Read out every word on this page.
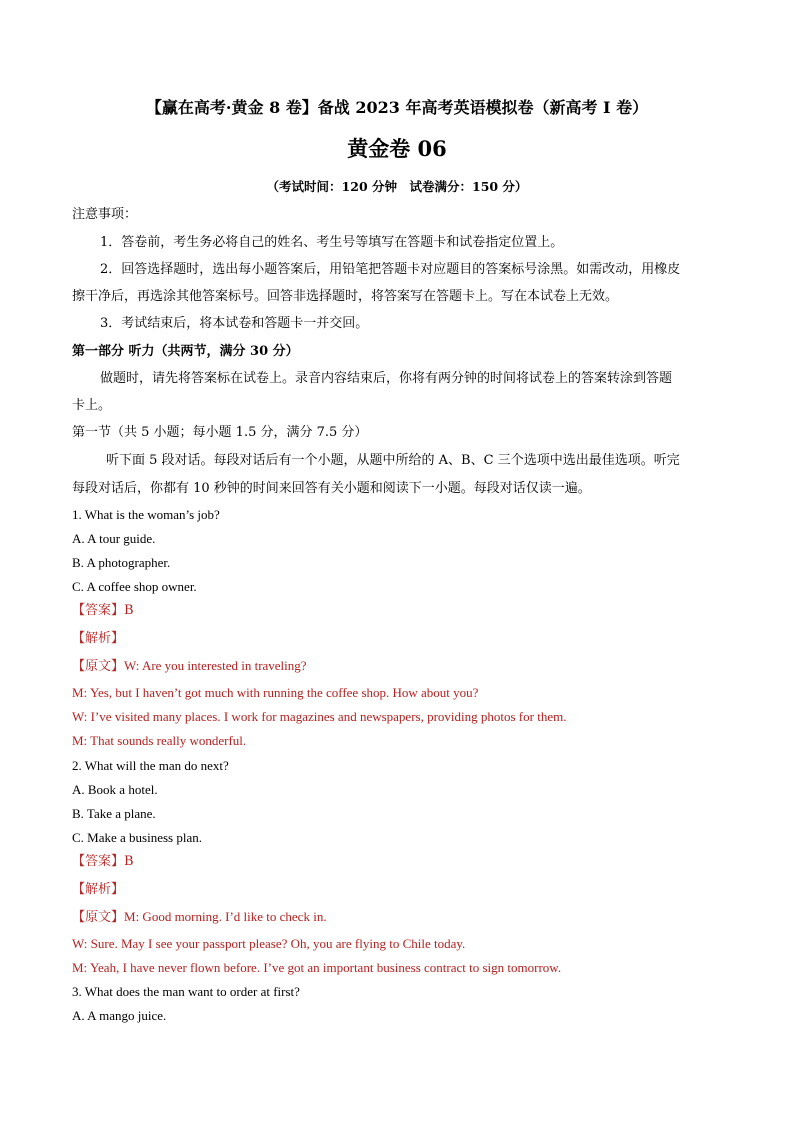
【赢在高考·黄金 8 卷】备战 2023 年高考英语模拟卷（新高考 I 卷）
黄金卷 06
（考试时间：120 分钟　试卷满分：150 分）
注意事项：
1．答卷前，考生务必将自己的姓名、考生号等填写在答题卡和试卷指定位置上。
2．回答选择题时，选出每小题答案后，用铅笔把答题卡对应题目的答案标号涂黑。如需改动，用橡皮
擦干净后，再选涂其他答案标号。回答非选择题时，将答案写在答题卡上。写在本试卷上无效。
3．考试结束后，将本试卷和答题卡一并交回。
第一部分 听力（共两节，满分 30 分）
做题时，请先将答案标在试卷上。录音内容结束后，你将有两分钟的时间将试卷上的答案转涂到答题
卡上。
第一节（共 5 小题；每小题 1.5 分，满分 7.5 分）
听下面 5 段对话。每段对话后有一个小题，从题中所给的 A、B、C 三个选项中选出最佳选项。听完
每段对话后，你都有 10 秒钟的时间来回答有关小题和阅读下一小题。每段对话仅读一遍。
1. What is the woman’s job?
A. A tour guide.
B. A photographer.
C. A coffee shop owner.
【答案】B
【解析】
【原文】W: Are you interested in traveling?
M: Yes, but I haven’t got much with running the coffee shop. How about you?
W: I’ve visited many places. I work for magazines and newspapers, providing photos for them.
M: That sounds really wonderful.
2. What will the man do next?
A. Book a hotel.
B. Take a plane.
C. Make a business plan.
【答案】B
【解析】
【原文】M: Good morning. I’d like to check in.
W: Sure. May I see your passport please? Oh, you are flying to Chile today.
M: Yeah, I have never flown before. I’ve got an important business contract to sign tomorrow.
3. What does the man want to order at first?
A. A mango juice.
